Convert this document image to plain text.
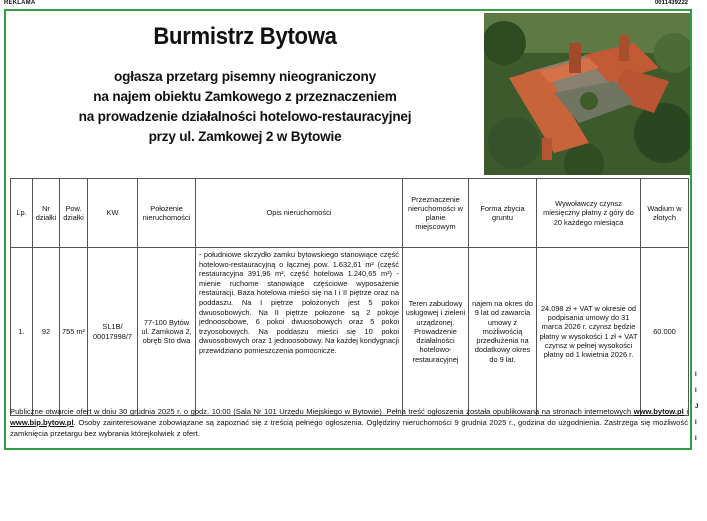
REKLAMA	0011439222
Burmistrz Bytowa
ogłasza przetarg pisemny nieograniczony
na najem obiektu Zamkowego z przeznaczeniem
na prowadzenie działalności hotelowo-restauracyjnej
przy ul. Zamkowej 2 w Bytowie
Lp.	Nr działki	Pow. działki	KW	Położenie nieruchomości	Opis nieruchomości	Przeznaczenie nieruchomości w planie miejscowym	Forma zbycia gruntu	Wywoławczy czynsz miesięczny płatny z góry do 20 każdego miesiąca	Wadium w złotych
1.	92	755 m²	SL1B/ 00017998/7	77-100 Bytów ul. Zamkowa 2, obręb Sto dwa	- południowe skrzydło zamku bytowskiego stanowiące część hotelowo-restauracyjną o łącznej pow. 1.632,61 m² (część restauracyjna 391,96 m², część hotelowa 1.240,65 m²) - mienie ruchome stanowiące częściowe wyposażenie restauracji. Baza hotelowa mieści się na I i II piętrze oraz na poddaszu. Na I piętrze położonych jest 5 pokoi dwuosobowych. Na II piętrze położone są 2 pokoje jednoosobowe, 6 pokoi dwuosobowych oraz 5 pokoi trzyosobowych. Na poddaszu mieści się 10 pokoi dwuosobowych oraz 1 jednoosobowy. Na każdej kondygnacji przewidziano pomieszczenia pomocnicze.	Teren zabudowy usługowej i zieleni urządzonej. Prowadzenie działalności hotelowo-restauracyjnej	najem na okres do 9 lat od zawarcia umowy z możliwością przedłużenia na dodatkowy okres do 9 lat.	24.098 zł + VAT w okresie od podpisania umowy do 31 marca 2026 r. czynsz będzie płatny w wysokości 1 zł + VAT czynsz w pełnej wysokości płatny od 1 kwietnia 2026 r.	60.000
Publiczne otwarcie ofert w dniu 30 grudnia 2025 r. o godz. 10:00 (Sala Nr 101 Urzędu Miejskiego w Bytowie). Pełna treść ogłoszenia została opublikowana na stronach internetowych www.bytow.pl i www.bip.bytow.pl. Osoby zainteresowane zobowiązane są zapoznać się z treścią pełnego ogłoszenia. Oględziny nieruchomości 9 grudnia 2025 r., godzina do uzgodnienia. Zastrzega się możliwość zamknięcia przetargu bez wybrania którejkolwiek z ofert.
I
I
J
I
I
